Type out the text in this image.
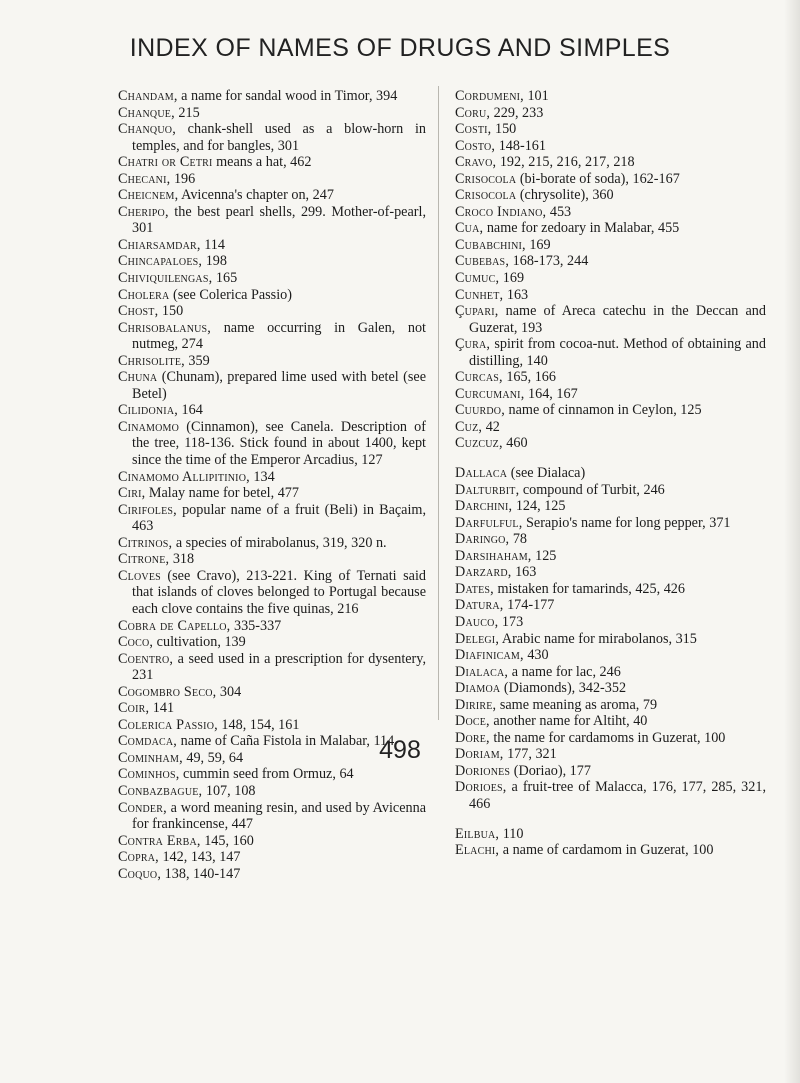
INDEX OF NAMES OF DRUGS AND SIMPLES
Chandam, a name for sandal wood in Timor, 394
Chanque, 215
Chanquo, chank-shell used as a blow-horn in temples, and for bangles, 301
Chatri or Cetri means a hat, 462
Checani, 196
Cheicnem, Avicenna's chapter on, 247
Cheripo, the best pearl shells, 299. Mother-of-pearl, 301
Chiarsamdar, 114
Chincapaloes, 198
Chiviquilengas, 165
Cholera (see Colerica Passio)
Chost, 150
Chrisobalanus, name occurring in Galen, not nutmeg, 274
Chrisolite, 359
Chuna (Chunam), prepared lime used with betel (see Betel)
Cilidonia, 164
Cinamomo (Cinnamon), see Canela. Description of the tree, 118-136. Stick found in about 1400, kept since the time of the Emperor Arcadius, 127
Cinamomo Allipitinio, 134
Ciri, Malay name for betel, 477
Cirifoles, popular name of a fruit (Beli) in Baçaim, 463
Citrinos, a species of mirabolanus, 319, 320 n.
Citrone, 318
Cloves (see Cravo), 213-221. King of Ternati said that islands of cloves belonged to Portugal because each clove contains the five quinas, 216
Cobra de Capello, 335-337
Coco, cultivation, 139
Coentro, a seed used in a prescription for dysentery, 231
Cogombro Seco, 304
Coir, 141
Colerica Passio, 148, 154, 161
Comdaca, name of Caña Fistola in Malabar, 114
Cominham, 49, 59, 64
Cominhos, cummin seed from Ormuz, 64
Conbazbague, 107, 108
Conder, a word meaning resin, and used by Avicenna for frankincense, 447
Contra Erba, 145, 160
Copra, 142, 143, 147
Coquo, 138, 140-147
Cordumeni, 101
Coru, 229, 233
Costi, 150
Costo, 148-161
Cravo, 192, 215, 216, 217, 218
Crisocola (bi-borate of soda), 162-167
Crisocola (chrysolite), 360
Croco Indiano, 453
Cua, name for zedoary in Malabar, 455
Cubabchini, 169
Cubebas, 168-173, 244
Cumuc, 169
Cunhet, 163
Çupari, name of Areca catechu in the Deccan and Guzerat, 193
Çura, spirit from cocoa-nut. Method of obtaining and distilling, 140
Curcas, 165, 166
Curcumani, 164, 167
Cuurdo, name of cinnamon in Ceylon, 125
Cuz, 42
Cuzcuz, 460
Dallaca (see Dialaca)
Dalturbit, compound of Turbit, 246
Darchini, 124, 125
Darfulful, Serapio's name for long pepper, 371
Daringo, 78
Darsihaham, 125
Darzard, 163
Dates, mistaken for tamarinds, 425, 426
Datura, 174-177
Dauco, 173
Delegi, Arabic name for mirabolanos, 315
Diafinicam, 430
Dialaca, a name for lac, 246
Diamoa (Diamonds), 342-352
Dirire, same meaning as aroma, 79
Doce, another name for Altiht, 40
Dore, the name for cardamoms in Guzerat, 100
Doriam, 177, 321
Doriones (Doriao), 177
Dorioes, a fruit-tree of Malacca, 176, 177, 285, 321, 466
Eilbua, 110
Elachi, a name of cardamom in Guzerat, 100
498
